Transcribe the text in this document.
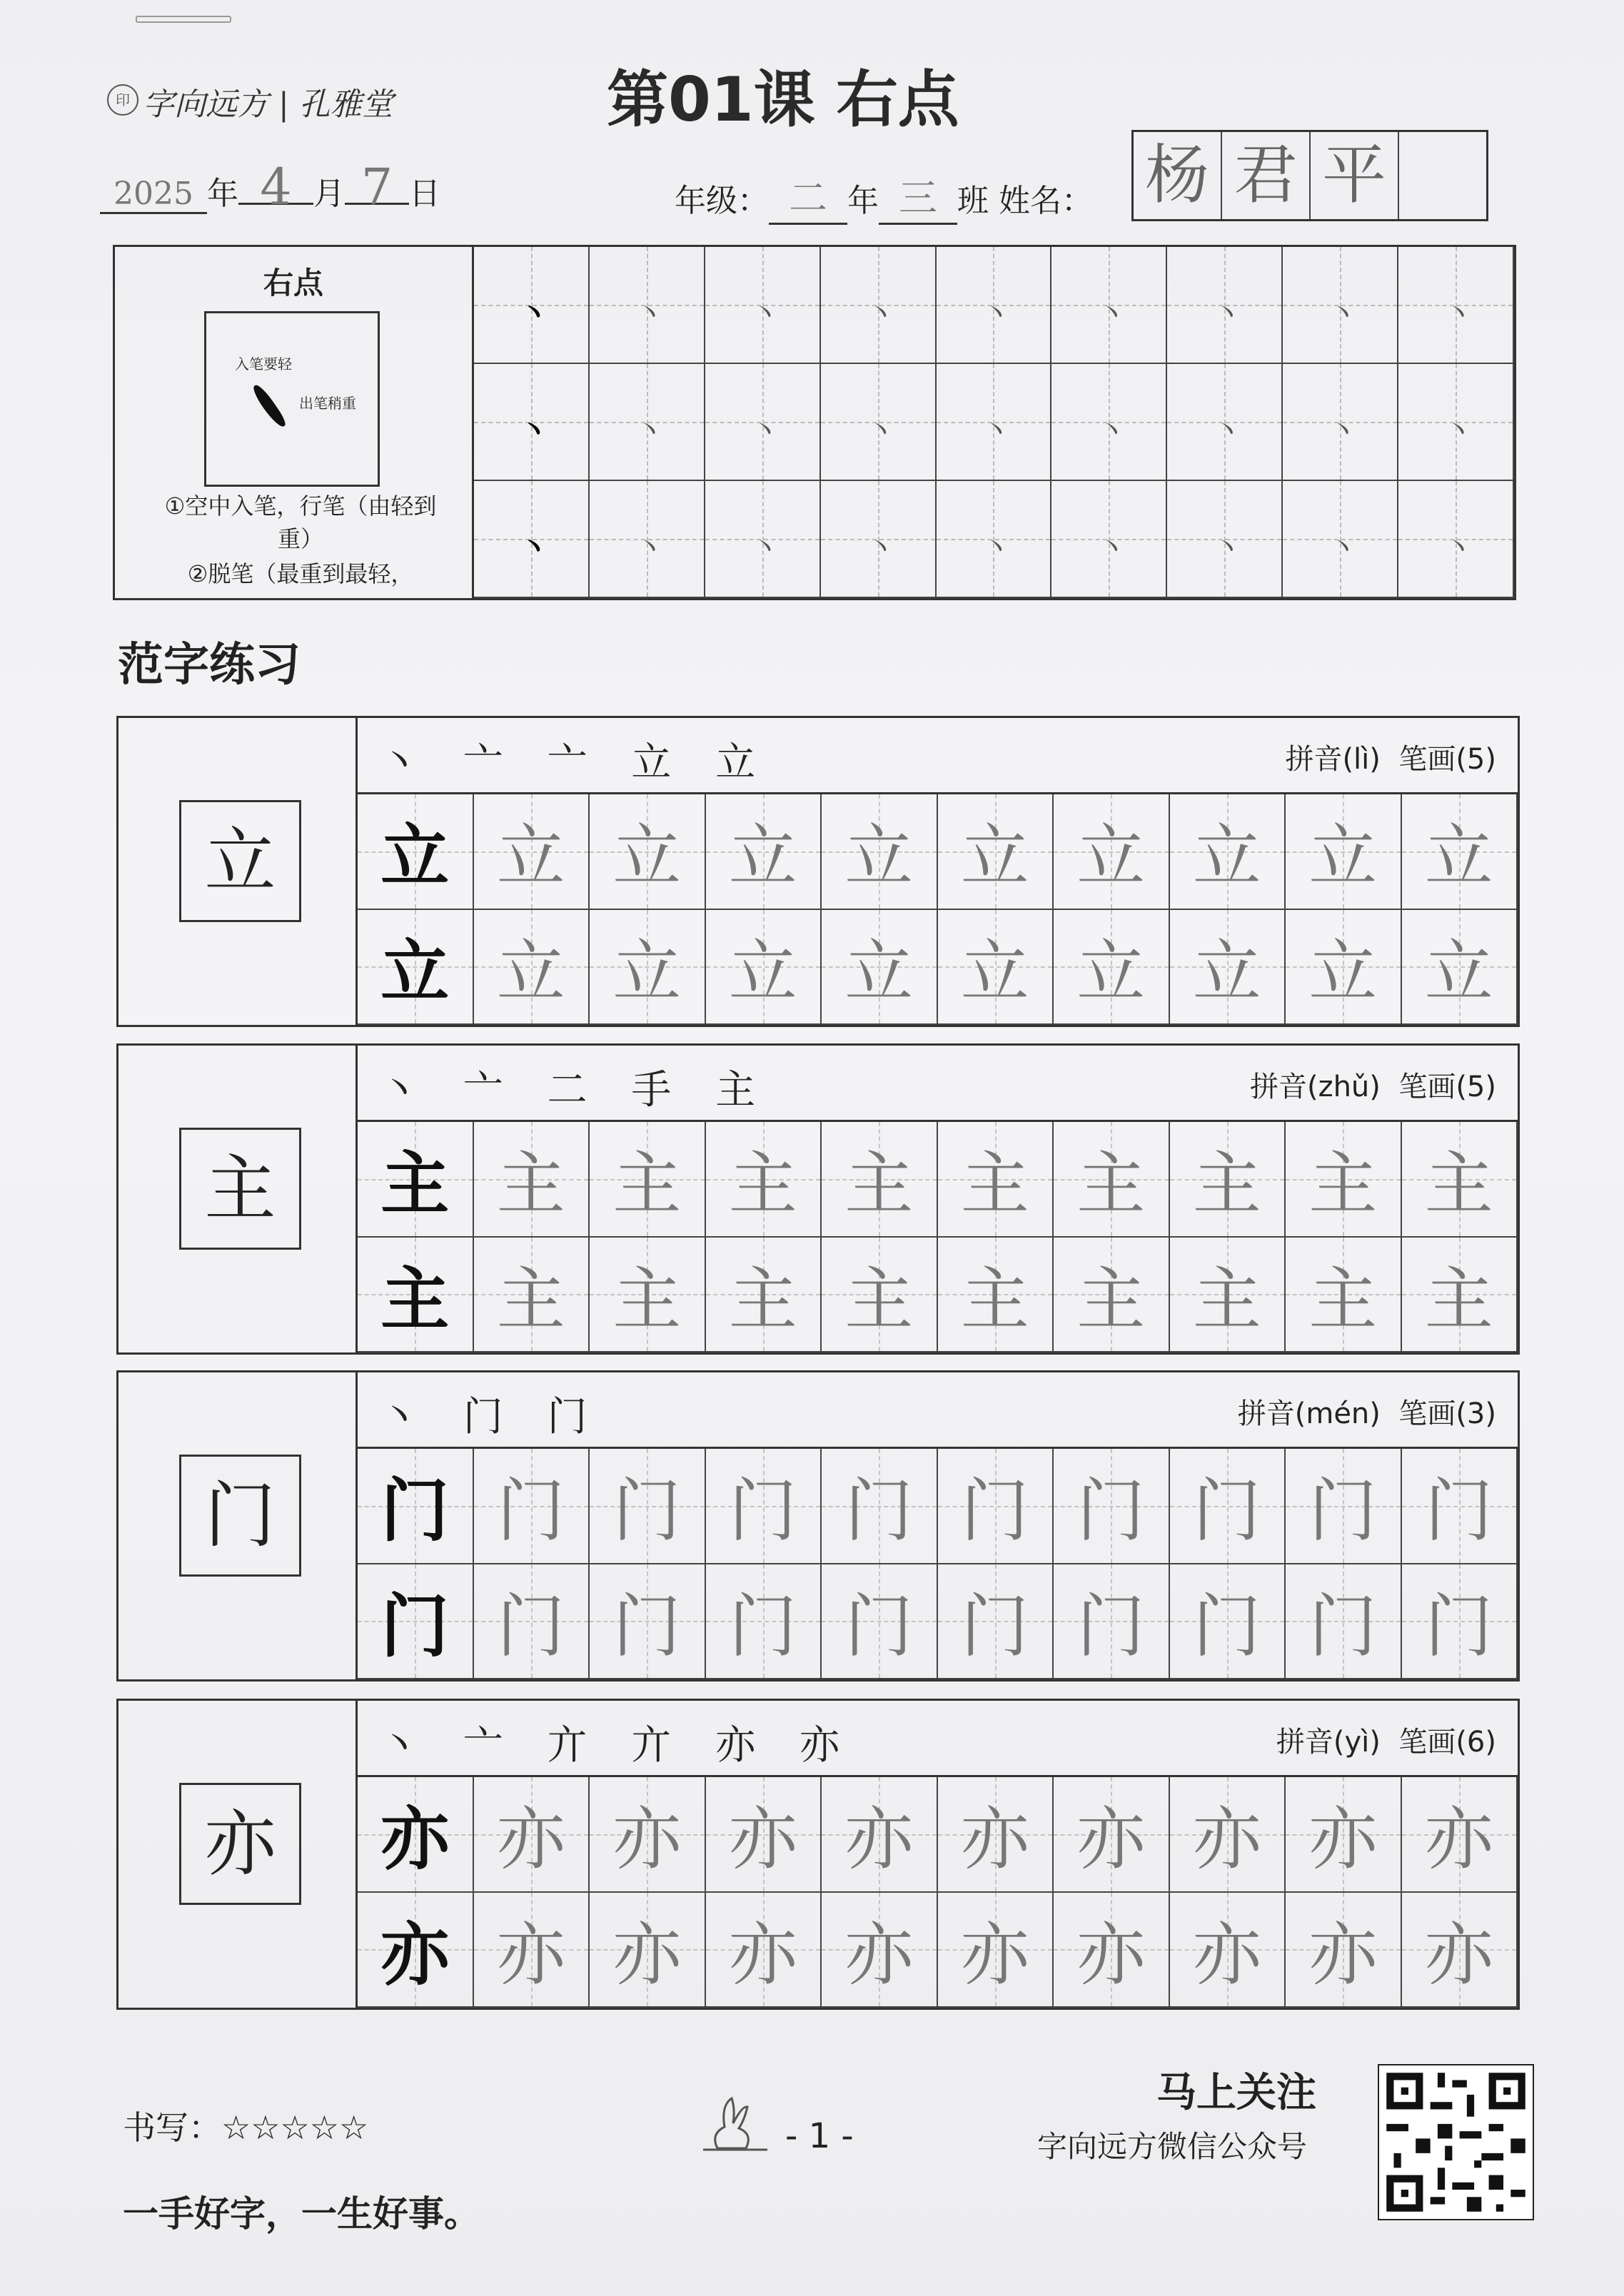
印 字向远方 | 孔雅堂	第01课 右点
2025 年 4 月 7 日	年级： 二 年 三 班 姓名： 杨 君 平
右点
入笔要轻
出笔稍重
①空中入笔，行笔（由轻到重）
②脱笔（最重到最轻，
丶	丶	丶	丶	丶	丶	丶	丶	丶
丶	丶	丶	丶	丶	丶	丶	丶	丶
丶	丶	丶	丶	丶	丶	丶	丶	丶
范字练习
立
丶 亠 亠 立 立	拼音(lì) 笔画(5)
立 立 立 立 立 立 立 立 立 立
立 立 立 立 立 立 立 立 立 立
主
丶 亠 二 手 主	拼音(zhǔ) 笔画(5)
主 主 主 主 主 主 主 主 主 主
主 主 主 主 主 主 主 主 主 主
门
丶 门 门	拼音(mén) 笔画(3)
门 门 门 门 门 门 门 门 门 门
门 门 门 门 门 门 门 门 门 门
亦
丶 亠 亣 亣 亦 亦	拼音(yì) 笔画(6)
亦 亦 亦 亦 亦 亦 亦 亦 亦 亦
亦 亦 亦 亦 亦 亦 亦 亦 亦 亦
书写：☆☆☆☆☆
一手好字，一生好事。
- 1 -
马上关注
字向远方微信公众号
